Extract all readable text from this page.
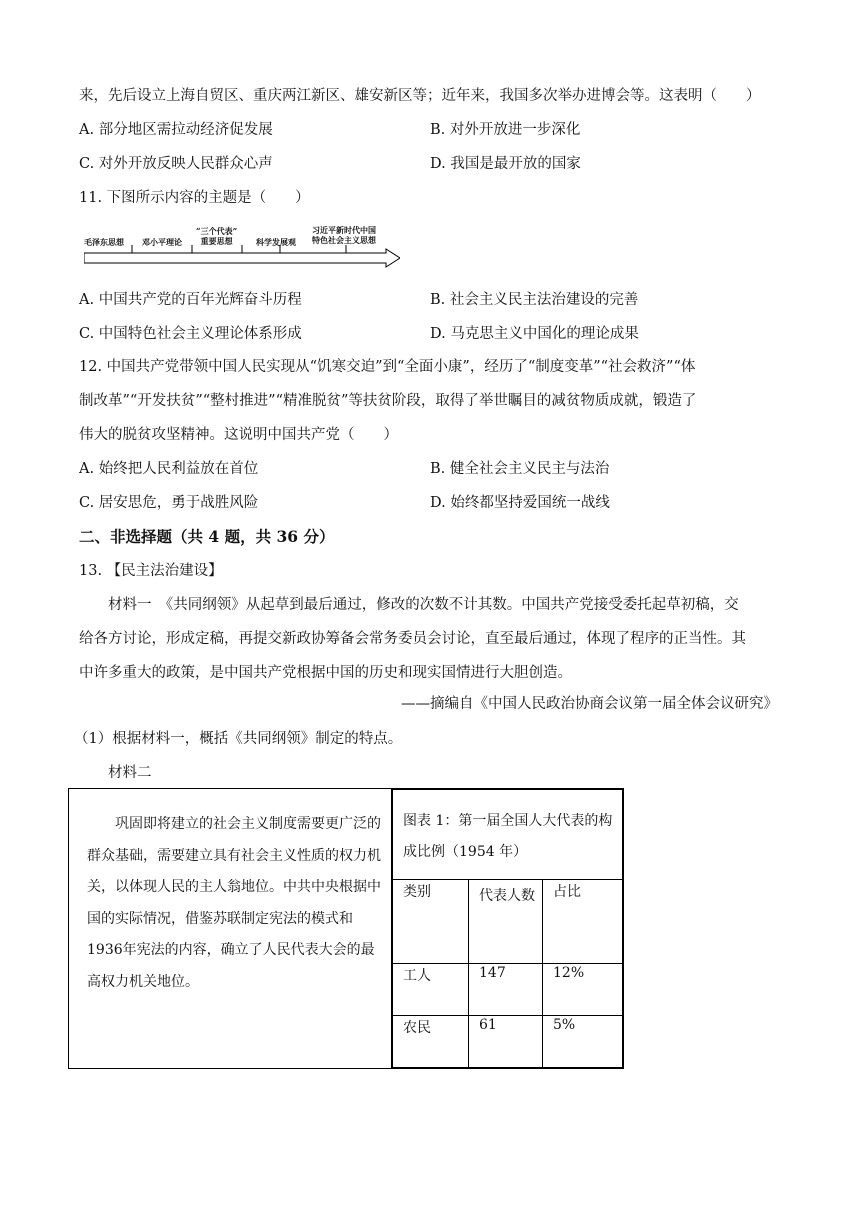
来，先后设立上海自贸区、重庆两江新区、雄安新区等；近年来，我国多次举办进博会等。这表明（　　）
A. 部分地区需拉动经济促发展	B. 对外开放进一步深化
C. 对外开放反映人民群众心声	D. 我国是最开放的国家
11. 下图所示内容的主题是（　　）
毛泽东思想 邓小平理论
“三个代表”
重要思想	科学发展观
习近平新时代中国
特色社会主义思想
A. 中国共产党的百年光辉奋斗历程	B. 社会主义民主法治建设的完善
C. 中国特色社会主义理论体系形成	D. 马克思主义中国化的理论成果
12. 中国共产党带领中国人民实现从“饥寒交迫”到“全面小康”，经历了“制度变革”“社会救济”“体
制改革”“开发扶贫”“整村推进”“精准脱贫”等扶贫阶段，取得了举世瞩目的减贫物质成就，锻造了
伟大的脱贫攻坚精神。这说明中国共产党（　　）
A. 始终把人民利益放在首位	B. 健全社会主义民主与法治
C. 居安思危，勇于战胜风险	D. 始终都坚持爱国统一战线
二、非选择题（共 4 题，共 36 分）
13. 【民主法治建设】
材料一　《共同纲领》从起草到最后通过，修改的次数不计其数。中国共产党接受委托起草初稿，交
给各方讨论，形成定稿，再提交新政协筹备会常务委员会讨论，直至最后通过，体现了程序的正当性。其
中许多重大的政策，是中国共产党根据中国的历史和现实国情进行大胆创造。
——摘编自《中国人民政治协商会议第一届全体会议研究》
（1）根据材料一，概括《共同纲领》制定的特点。
材料二
巩固即将建立的社会主义制度需要更广泛的群众基础，需要建立具有社会主义性质的权力机关，以体现人民的主人翁地位。中共中央根据中国的实际情况，借鉴苏联制定宪法的模式和1936年宪法的内容，确立了人民代表大会的最高权力机关地位。	
图表 1：第一届全国人大代表的构成比例（1954 年）
类别	代表人数	占比
工人	147	12%
农民	61	5%
